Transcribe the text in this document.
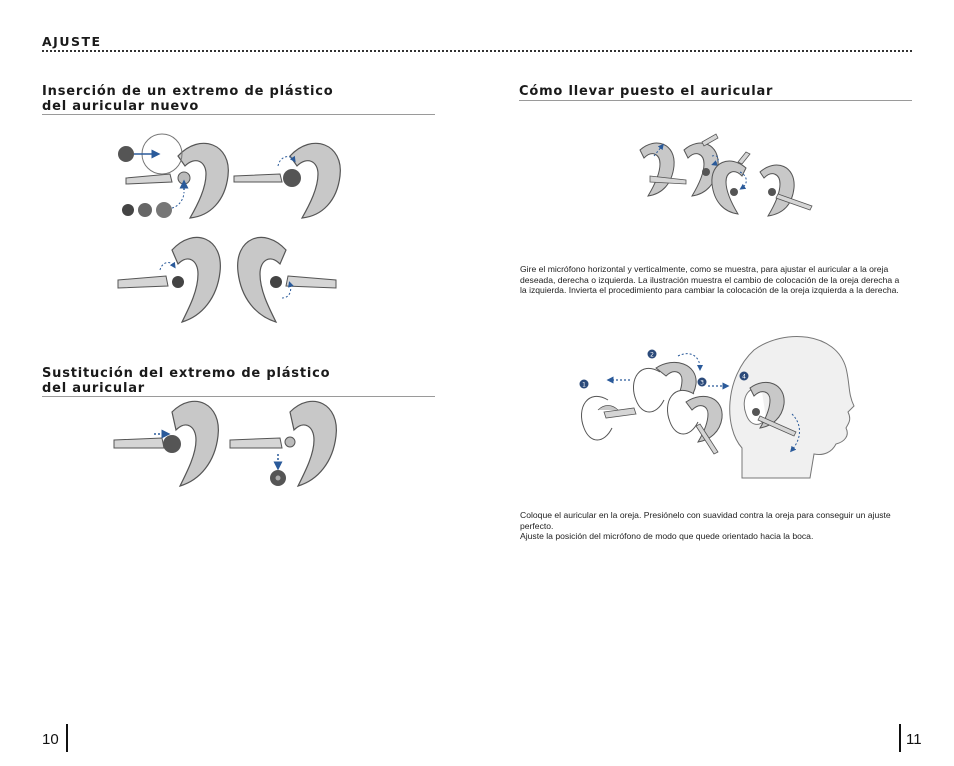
AJUSTE
Inserción de un extremo de plástico
del auricular nuevo
Sustitución del extremo de plástico
del auricular
10
Cómo llevar puesto el auricular
Gire el micrófono horizontal y verticalmente, como se muestra, para ajustar el auricular a la oreja deseada, derecha o izquierda. La ilustración muestra el cambio de colocación de la oreja derecha a la izquierda. Invierta el procedimiento para cambiar la colocación de la oreja izquierda a la derecha.
1
2
3
4
Coloque el auricular en la oreja. Presiónelo con suavidad contra la oreja para conseguir un ajuste perfecto.
Ajuste la posición del micrófono de modo que quede orientado hacia la boca.
11
